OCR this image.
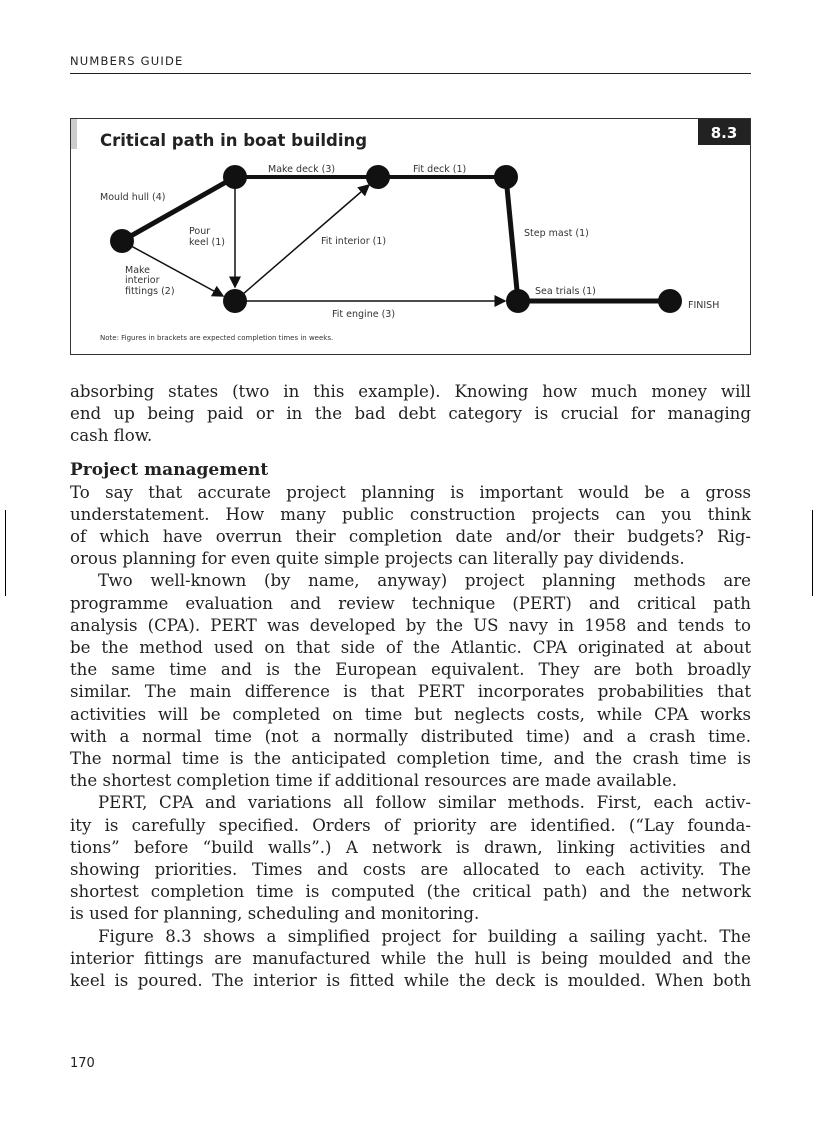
NUMBERS GUIDE
Critical path in boat building	8.3
Mould hull (4)
Make deck (3)	Fit deck (1)
Pour
keel (1)	Fit interior (1)
Step mast (1)
Make
interior
fittings (2)	Sea trials (1)
Fit engine (3)
FINISH
Note: Figures in brackets are expected completion times in weeks.
absorbing states (two in this example). Knowing how much money will
end up being paid or in the bad debt category is crucial for managing
cash flow.
Project management
To say that accurate project planning is important would be a gross
understatement. How many public construction projects can you think
of which have overrun their completion date and/or their budgets? Rig-
orous planning for even quite simple projects can literally pay dividends.
Two well-known (by name, anyway) project planning methods are
programme evaluation and review technique (PERT) and critical path
analysis (CPA). PERT was developed by the US navy in 1958 and tends to
be the method used on that side of the Atlantic. CPA originated at about
the same time and is the European equivalent. They are both broadly
similar. The main difference is that PERT incorporates probabilities that
activities will be completed on time but neglects costs, while CPA works
with a normal time (not a normally distributed time) and a crash time.
The normal time is the anticipated completion time, and the crash time is
the shortest completion time if additional resources are made available.
PERT, CPA and variations all follow similar methods. First, each activ-
ity is carefully specified. Orders of priority are identified. (“Lay founda-
tions” before “build walls”.) A network is drawn, linking activities and
showing priorities. Times and costs are allocated to each activity. The
shortest completion time is computed (the critical path) and the network
is used for planning, scheduling and monitoring.
Figure 8.3 shows a simplified project for building a sailing yacht. The
interior fittings are manufactured while the hull is being moulded and the
keel is poured. The interior is fitted while the deck is moulded. When both
170
